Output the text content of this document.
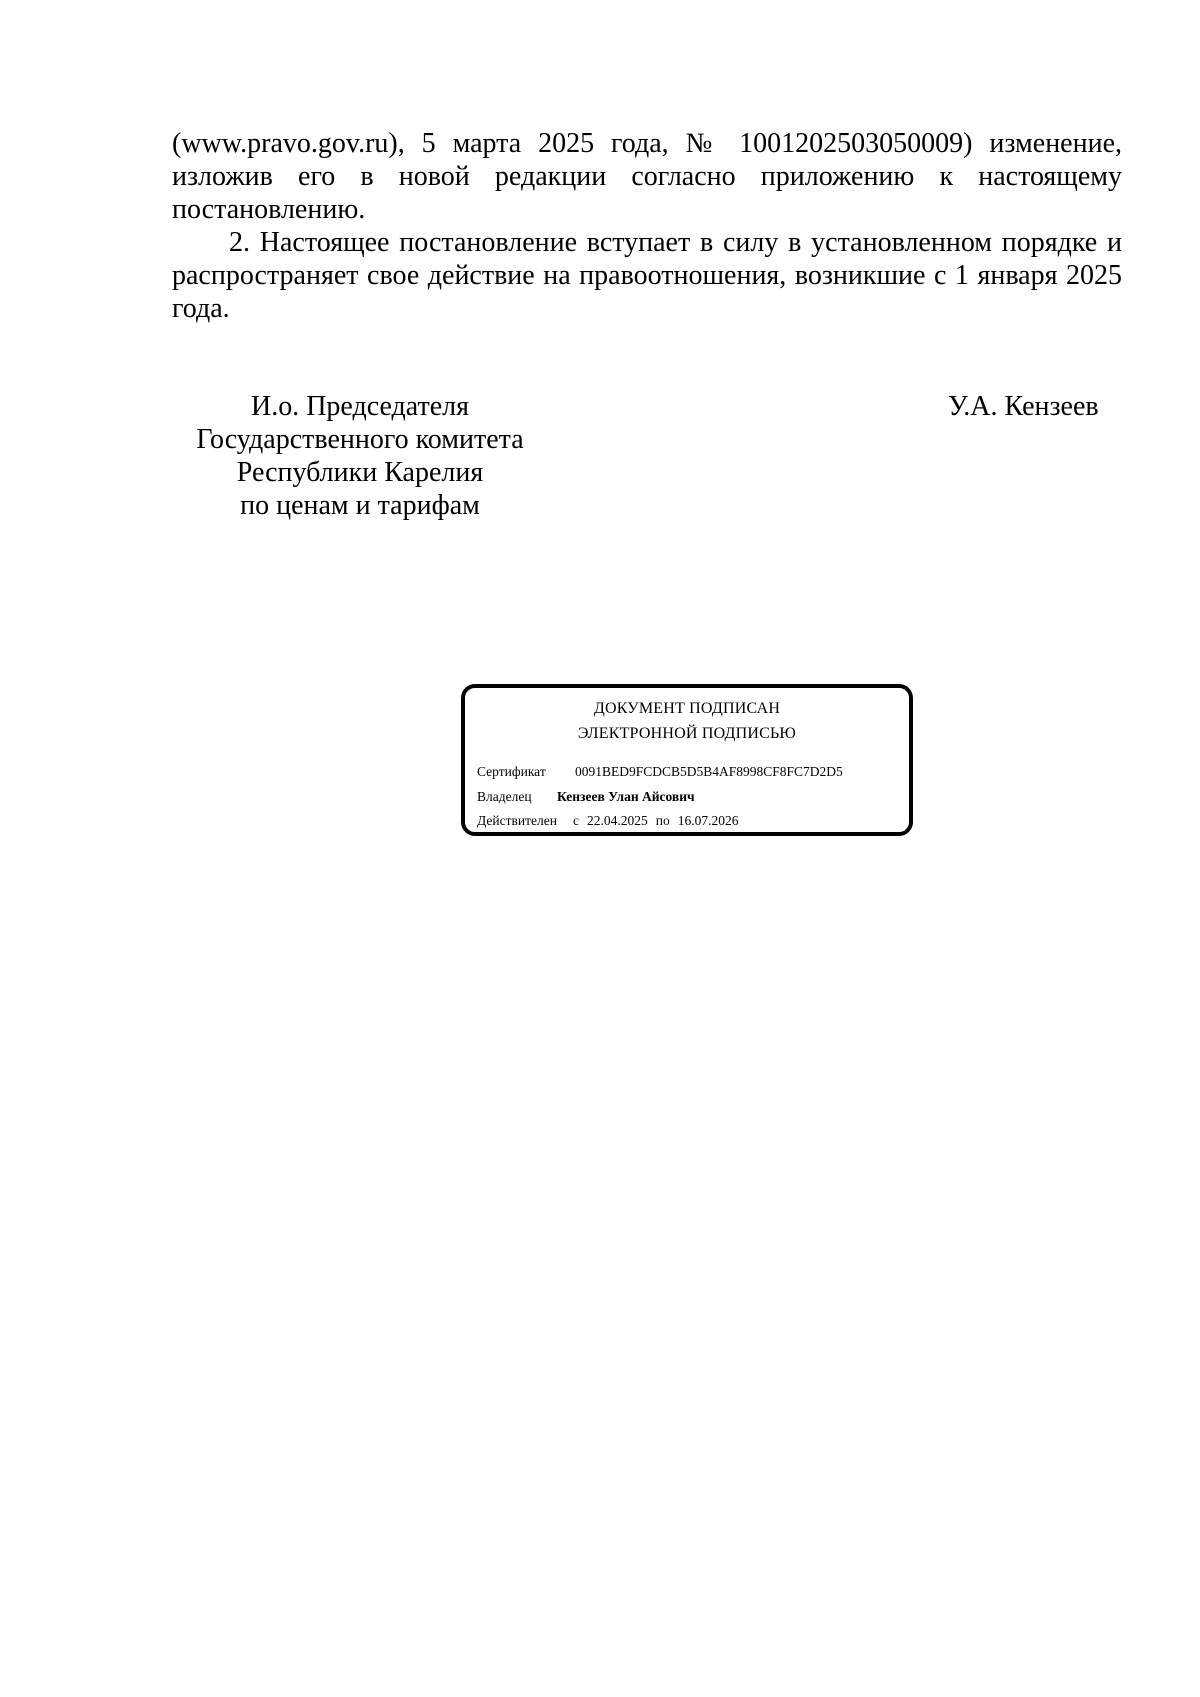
(www.pravo.gov.ru), 5 марта 2025 года, № 1001202503050009) изменение, изложив его в новой редакции согласно приложению к настоящему постановлению.

2. Настоящее постановление вступает в силу в установленном порядке и распространяет свое действие на правоотношения, возникшие с 1 января 2025 года.

И.о. Председателя
Государственного комитета
Республики Карелия
по ценам и тарифам
У.А. Кензеев
ДОКУМЕНТ ПОДПИСАН
ЭЛЕКТРОННОЙ ПОДПИСЬЮ
Сертификат 0091BED9FCDCB5D5B4AF8998CF8FC7D2D5
Владелец Кензеев Улан Айсович
Действителен с 22.04.2025 по 16.07.2026
